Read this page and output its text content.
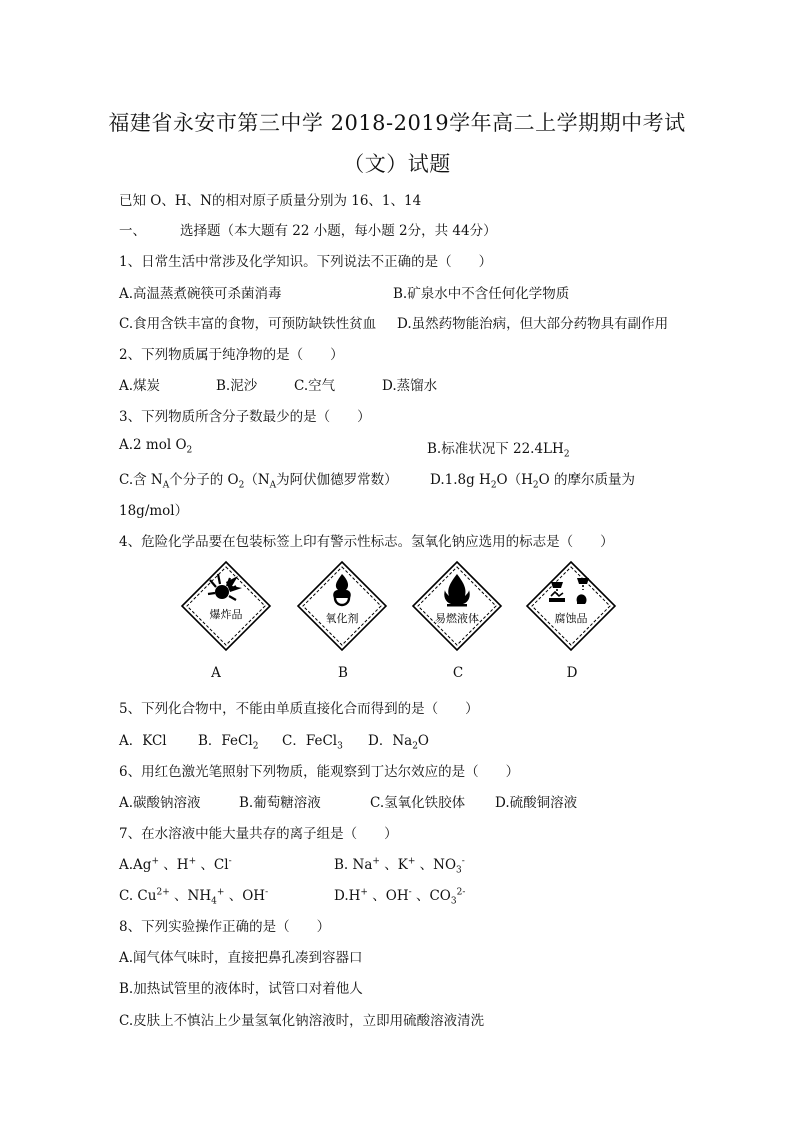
福建省永安市第三中学 2018-2019学年高二上学期期中考试
（文）试题
已知 O、H、N的相对原子质量分别为 16、1、14
一、	选择题（本大题有 22 小题，每小题 2分，共 44分）
1、日常生活中常涉及化学知识。下列说法不正确的是（　　）
A.高温蒸煮碗筷可杀菌消毒	B.矿泉水中不含任何化学物质
C.食用含铁丰富的食物，可预防缺铁性贫血 D.虽然药物能治病，但大部分药物具有副作用
2、下列物质属于纯净物的是（　　）
A.煤炭	B.泥沙	C.空气	D.蒸馏水
3、下列物质所含分子数最少的是（　　）
A.2 mol $O_2$	B.标准状况下 $22.4LH_2$
C.含 $N_A$个分子的 $O_2(N_A$为阿伏伽德罗常数） D.1.8g $H_2O(H_2O$ 的摩尔质量为
18g/mol）
4、危险化学品要在包装标签上印有警示性标志。氢氧化钠应选用的标志是（　　）
爆炸品
A
氧化剂
B
易燃液体
C
腐蚀品
D
5、下列化合物中，不能由单质直接化合而得到的是（　　）
A．KCl B．FeCl$_2$ C．FeCl$_3$ D．$Na_2O$
6、用红色激光笔照射下列物质，能观察到丁达尔效应的是（　　）
A.碳酸钠溶液	B.葡萄糖溶液	C.氢氧化铁胶体 D.硫酸铜溶液
7、在水溶液中能大量共存的离子组是（　　）
A.Ag+ 、H+ 、Cl-	B. Na+ 、K+ 、$NO_3^-$
C. $Cu^{2+}$ 、$NH_4^+$ 、OH-	D.H+ 、OH- 、$CO_3^{2-}$
8、下列实验操作正确的是（　　）
A.闻气体气味时，直接把鼻孔凑到容器口
B.加热试管里的液体时，试管口对着他人
C.皮肤上不慎沾上少量氢氧化钠溶液时，立即用硫酸溶液清洗
